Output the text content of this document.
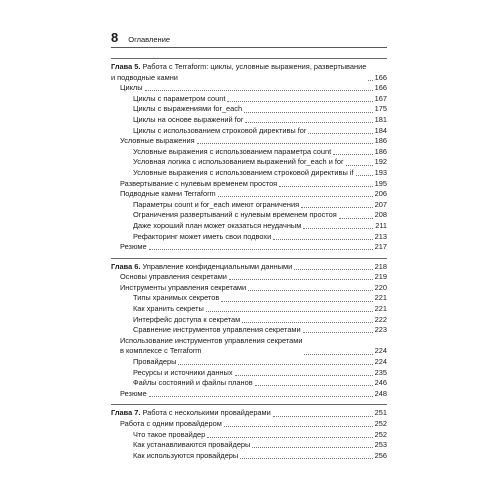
8 Оглавление
Глава 5. Работа с Terraform: циклы, условные выражения, развертывание
и подводные камни	166
Циклы	166
Циклы с параметром count	167
Циклы с выражениями for_each	175
Циклы на основе выражений for	181
Циклы с использованием строковой директивы for	184
Условные выражения	186
Условные выражения с использованием параметра count	186
Условная логика с использованием выражений for_each и for	192
Условные выражения с использованием строковой директивы if	193
Развертывание с нулевым временем простоя	195
Подводные камни Terraform	206
Параметры count и for_each имеют ограничения	207
Ограничения развертываний с нулевым временем простоя	208
Даже хороший план может оказаться неудачным	211
Рефакторинг может иметь свои подвохи	213
Резюме	217
Глава 6. Управление конфиденциальными данными	218
Основы управления секретами	219
Инструменты управления секретами	220
Типы хранимых секретов	221
Как хранить секреты	221
Интерфейс доступа к секретам	222
Сравнение инструментов управления секретами	223
Использование инструментов управления секретами
в комплексе с Terraform	224
Провайдеры	224
Ресурсы и источники данных	235
Файлы состояний и файлы планов	246
Резюме	248
Глава 7. Работа с несколькими провайдерами	251
Работа с одним провайдером	252
Что такое провайдер	252
Как устанавливаются провайдеры	253
Как используются провайдеры	256
